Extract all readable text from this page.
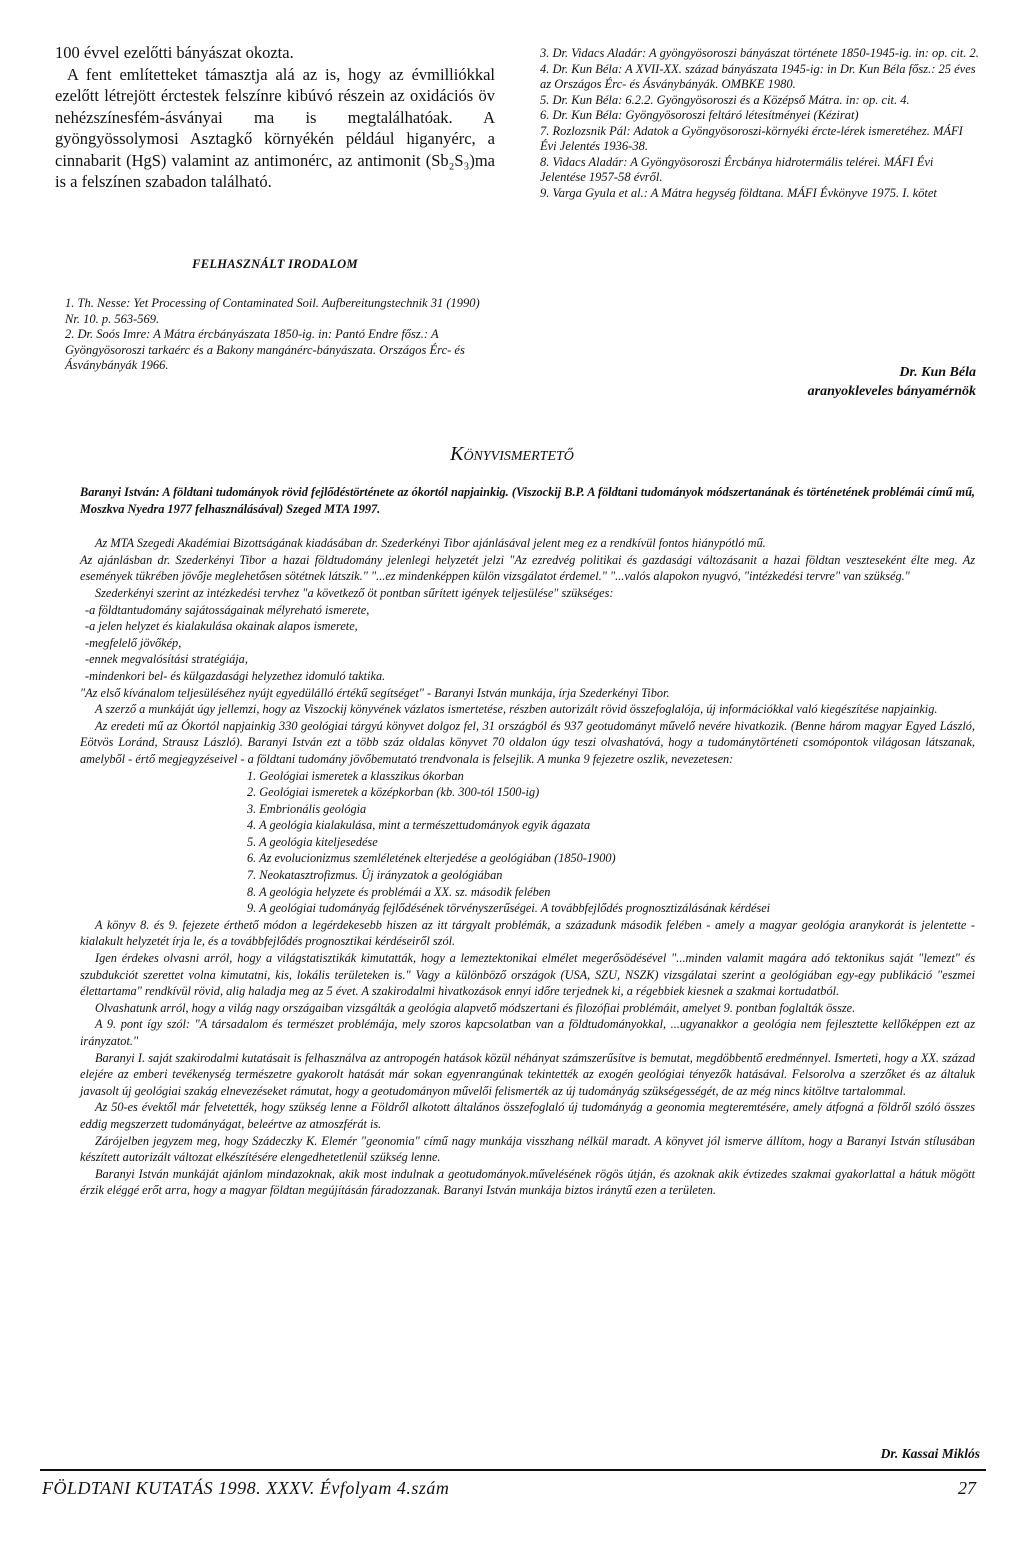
100 évvel ezelőtti bányászat okozta.

A fent említetteket támasztja alá az is, hogy az évmilliókkal ezelőtt létrejött érctestek felszínre kibúvó részein az oxidációs öv nehézszínesfém-ásványai ma is megtalálhatóak. A gyöngyössolymosi Asztagkő környékén például higanyérc, a cinnabarit (HgS) valamint az antimonérc, az antimonit (Sb₂S₃)ma is a felszínen szabadon található.

FELHASZNÁLT IRODALOM

1. Th. Nesse: Yet Processing of Contaminated Soil. Aufbereitungstechnik 31 (1990) Nr. 10. p. 563-569.

2. Dr. Soós Imre: A Mátra ércbányászata 1850-ig. in: Pantó Endre fősz.: A Gyöngyösoroszi tarkaérc és a Bakony mangánérc-bányászata. Országos Érc- és Ásványbányák 1966.

3. Dr. Vidacs Aladár: A gyöngyösoroszi bányászat története 1850-1945-ig. in: op. cit. 2.

4. Dr. Kun Béla: A XVII-XX. század bányászata 1945-ig: in Dr. Kun Béla fősz.: 25 éves az Országos Érc- és Ásványbányák. OMBKE 1980.

5. Dr. Kun Béla: 6.2.2. Gyöngyösoroszi és a Középső Mátra. in: op. cit. 4.

6. Dr. Kun Béla: Gyöngyösoroszi feltáró létesítményei (Kézirat)

7. Rozlozsnik Pál: Adatok a Gyöngyösoroszi-környéki ércte-lérek ismeretéhez. MÁFI Évi Jelentés 1936-38.

8. Vidacs Aladár: A Gyöngyösoroszi Ércbánya hidrotermális telérei. MÁFI Évi Jelentése 1957-58 évről.

9. Varga Gyula et al.: A Mátra hegység földtana. MÁFI Évkönyve 1975. I. kötet

Dr. Kun Béla
aranyokleveles bányamérnök
KÖNYVISMERTETŐ

Baranyi István: A földtani tudományok rövid fejlődéstörténete az ókortól napjainkig. (Viszockij B.P. A földtani tudományok módszertanának és történetének problémái című mű, Moszkva Nyedra 1977 felhasználásával) Szeged MTA 1997.

Az MTA Szegedi Akadémiai Bizottságának kiadásában dr. Szederkényi Tibor ajánlásával jelent meg ez a rendkívül fontos hiánypótló mű.

Az ajánlásban dr. Szederkényi Tibor a hazai földtudomány jelenlegi helyzetét jelzi "Az ezredvég politikai és gazdasági változásanit a hazai földtan veszteseként élte meg. Az események tükrében jövője meglehetősen sötétnek látszik." "...ez mindenképpen külön vizsgálatot érdemel." "...valós alapokon nyugvó, "intézkedési tervre" van szükség."

Szederkényi szerint az intézkedési tervhez "a következő öt pontban sűrített igények teljesülése" szükséges:

-a földtantudomány sajátosságainak mélyreható ismerete,

-a jelen helyzet és kialakulása okainak alapos ismerete,

-megfelelő jövőkép,

-ennek megvalósítási stratégiája,

-mindenkori bel- és külgazdasági helyzethez idomuló taktika.

"Az első kívánalom teljesüléséhez nyújt egyedülálló értékű segítséget" - Baranyi István munkája, írja Szederkényi Tibor.

A szerző a munkáját úgy jellemzi, hogy az Viszockij könyvének vázlatos ismertetése, részben autorizált rövid összefoglalója, új információkkal való kiegészítése napjainkig.

Az eredeti mű az Ókortól napjainkig 330 geológiai tárgyú könyvet dolgoz fel, 31 országból és 937 geotudományt művelő nevére hivatkozik. (Benne három magyar Egyed László, Eötvös Loránd, Strausz László). Baranyi István ezt a több száz oldalas könyvet 70 oldalon úgy teszi olvashatóvá, hogy a tudománytörténeti csomópontok világosan látszanak, amelyből - értő megjegyzéseivel - a földtani tudomány jövőbemutató trendvonala is felsejlik. A munka 9 fejezetre oszlik, nevezetesen:

1. Geológiai ismeretek a klasszikus ókorban
2. Geológiai ismeretek a középkorban (kb. 300-tól 1500-ig)
3. Embrionális geológia
4. A geológia kialakulása, mint a természettudományok egyik ágazata
5. A geológia kiteljesedése
6. Az evolucionizmus szemléletének elterjedése a geológiában (1850-1900)
7. Neokatasztrofizmus. Új irányzatok a geológiában
8. A geológia helyzete és problémái a XX. sz. második felében
9. A geológiai tudományág fejlődésének törvényszerűségei. A továbbfejlődés prognosztizálásának kérdései

A könyv 8. és 9. fejezete érthető módon a legérdekesebb hiszen az itt tárgyalt problémák, a századunk második felében - amely a magyar geológia aranykorát is jelentette - kialakult helyzetét írja le, és a továbbfejlődés prognosztikai kérdéseiről szól.

Igen érdekes olvasni arról, hogy a világstatisztikák kimutatták, hogy a lemeztektonikai elmélet megerősödésével "...minden valamit magára adó tektonikus saját "lemezt" és szubdukciót szerettet volna kimutatni, kis, lokális területeken is." Vagy a különböző országok (USA, SZU, NSZK) vizsgálatai szerint a geológiában egy-egy publikáció "eszmei élettartama" rendkívül rövid, alig haladja meg az 5 évet. A szakirodalmi hivatkozások ennyi időre terjednek ki, a régebbiek kiesnek a szakmai kortudatból.

Olvashatunk arról, hogy a világ nagy országaiban vizsgálták a geológia alapvető módszertani és filozófiai problémáit, amelyet 9. pontban foglalták össze.

A 9. pont így szól: "A társadalom és természet problémája, mely szoros kapcsolatban van a földtudományokkal, ...ugyanakkor a geológia nem fejlesztette kellőképpen ezt az irányzatot."

Baranyi I. saját szakirodalmi kutatásait is felhasználva az antropogén hatások közül néhányat számszerűsítve is bemutat, megdöbbentő eredménnyel. Ismerteti, hogy a XX. század elejére az emberi tevékenység természetre gyakorolt hatását már sokan egyenrangúnak tekintették az exogén geológiai tényezők hatásával. Felsorolva a szerzőket és az általuk javasolt új geológiai szakág elnevezéseket rámutat, hogy a geotudományon művelői felismerték az új tudományág szükségességét, de az még nincs kitöltve tartalommal.

Az 50-es évektől már felvetették, hogy szükség lenne a Földről alkotott általános összefoglaló új tudományág a geonomia megteremtésére, amely átfogná a földről szóló összes eddig megszerzett tudományágat, beleértve az atmoszférát is.

Zárójelben jegyzem meg, hogy Szádeczky K. Elemér "geonomia" című nagy munkája visszhang nélkül maradt. A könyvet jól ismerve állítom, hogy a Baranyi István stílusában készített autorizált változat elkészítésére elengedhetetlenül szükség lenne.

Baranyi István munkáját ajánlom mindazoknak, akik most indulnak a geotudományok.művelésének rögös útján, és azoknak akik évtizedes szakmai gyakorlattal a hátuk mögött érzik eléggé erőt arra, hogy a magyar földtan megújításán fáradozzanak. Baranyi István munkája biztos iránytű ezen a területen.

Dr. Kassai Miklós
FÖLDTANI KUTATÁS 1998. XXXV. Évfolyam 4.szám	27
